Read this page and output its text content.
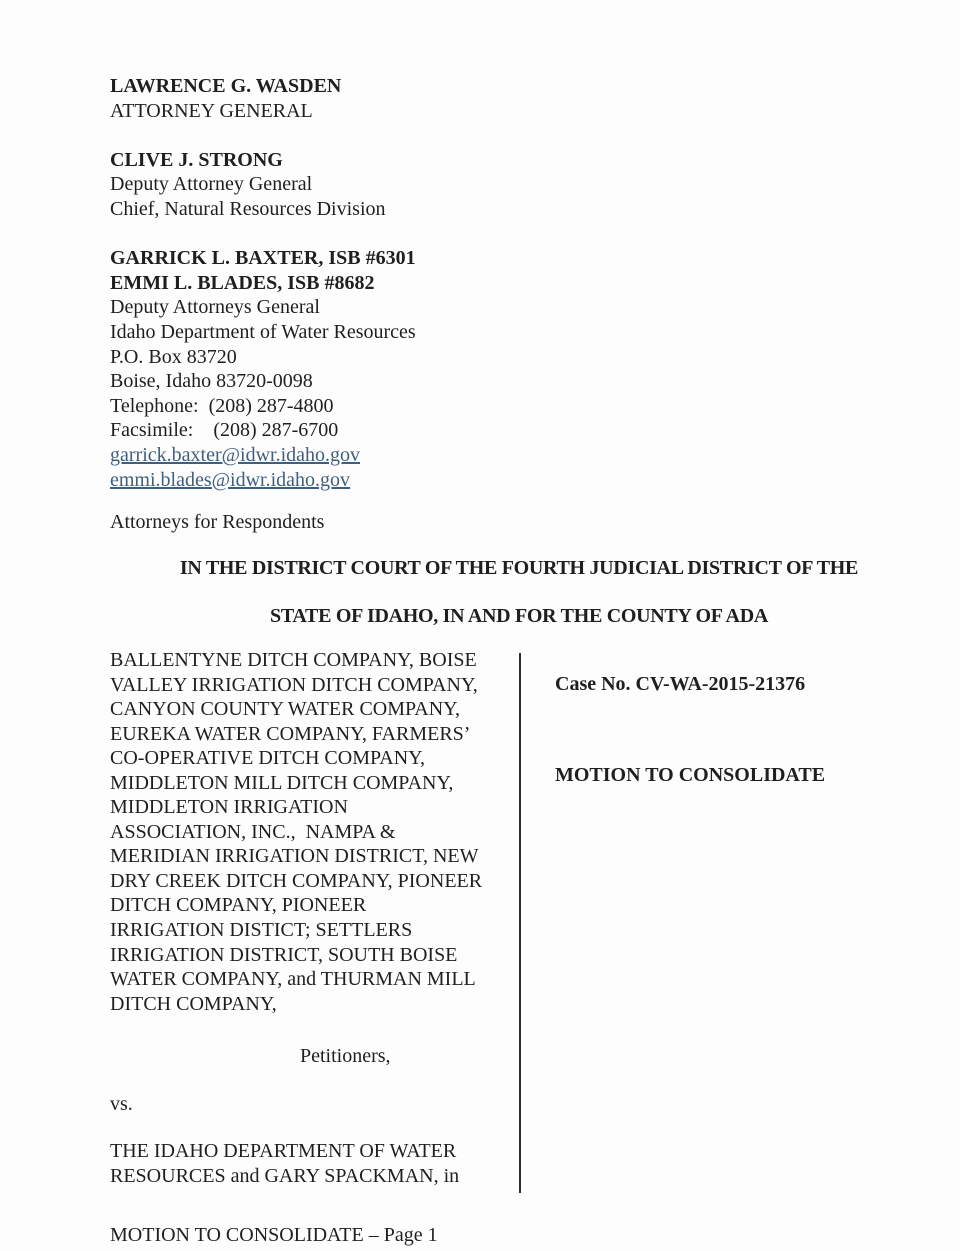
LAWRENCE G. WASDEN
ATTORNEY GENERAL
CLIVE J. STRONG
Deputy Attorney General
Chief, Natural Resources Division
GARRICK L. BAXTER, ISB #6301
EMMI L. BLADES, ISB #8682
Deputy Attorneys General
Idaho Department of Water Resources
P.O. Box 83720
Boise, Idaho 83720-0098
Telephone:  (208) 287-4800
Facsimile:    (208) 287-6700
garrick.baxter@idwr.idaho.gov
emmi.blades@idwr.idaho.gov
Attorneys for Respondents
IN THE DISTRICT COURT OF THE FOURTH JUDICIAL DISTRICT OF THE
STATE OF IDAHO, IN AND FOR THE COUNTY OF ADA
BALLENTYNE DITCH COMPANY, BOISE
VALLEY IRRIGATION DITCH COMPANY,
CANYON COUNTY WATER COMPANY,
EUREKA WATER COMPANY, FARMERS’
CO-OPERATIVE DITCH COMPANY,
MIDDLETON MILL DITCH COMPANY,
MIDDLETON IRRIGATION
ASSOCIATION, INC.,  NAMPA &
MERIDIAN IRRIGATION DISTRICT, NEW
DRY CREEK DITCH COMPANY, PIONEER
DITCH COMPANY, PIONEER
IRRIGATION DISTICT; SETTLERS
IRRIGATION DISTRICT, SOUTH BOISE
WATER COMPANY, and THURMAN MILL
DITCH COMPANY,
Petitioners,
vs.
THE IDAHO DEPARTMENT OF WATER
RESOURCES and GARY SPACKMAN, in
Case No. CV-WA-2015-21376
MOTION TO CONSOLIDATE
MOTION TO CONSOLIDATE – Page 1
